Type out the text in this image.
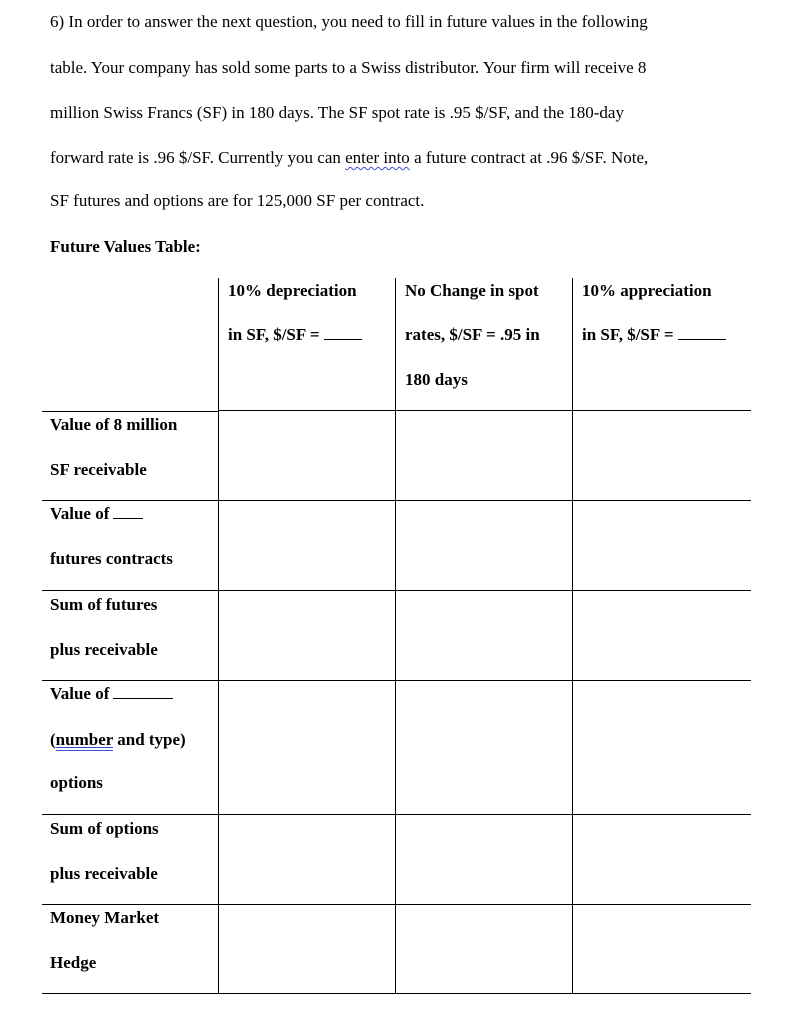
6) In order to answer the next question, you need to fill in future values in the following
table. Your company has sold some parts to a Swiss distributor. Your firm will receive 8
million Swiss Francs (SF) in 180 days. The SF spot rate is .95 $/SF, and the 180-day
forward rate is .96 $/SF. Currently you can enter into a future contract at .96 $/SF. Note,
SF futures and options are for 125,000 SF per contract.
Future Values Table:
10% depreciation
in SF, $/SF =
No Change in spot
rates, $/SF = .95 in
180 days
10% appreciation
in SF, $/SF =
Value of 8 million
SF receivable
Value of
futures contracts
Sum of futures
plus receivable
Value of
(number and type)
options
Sum of options
plus receivable
Money Market
Hedge
